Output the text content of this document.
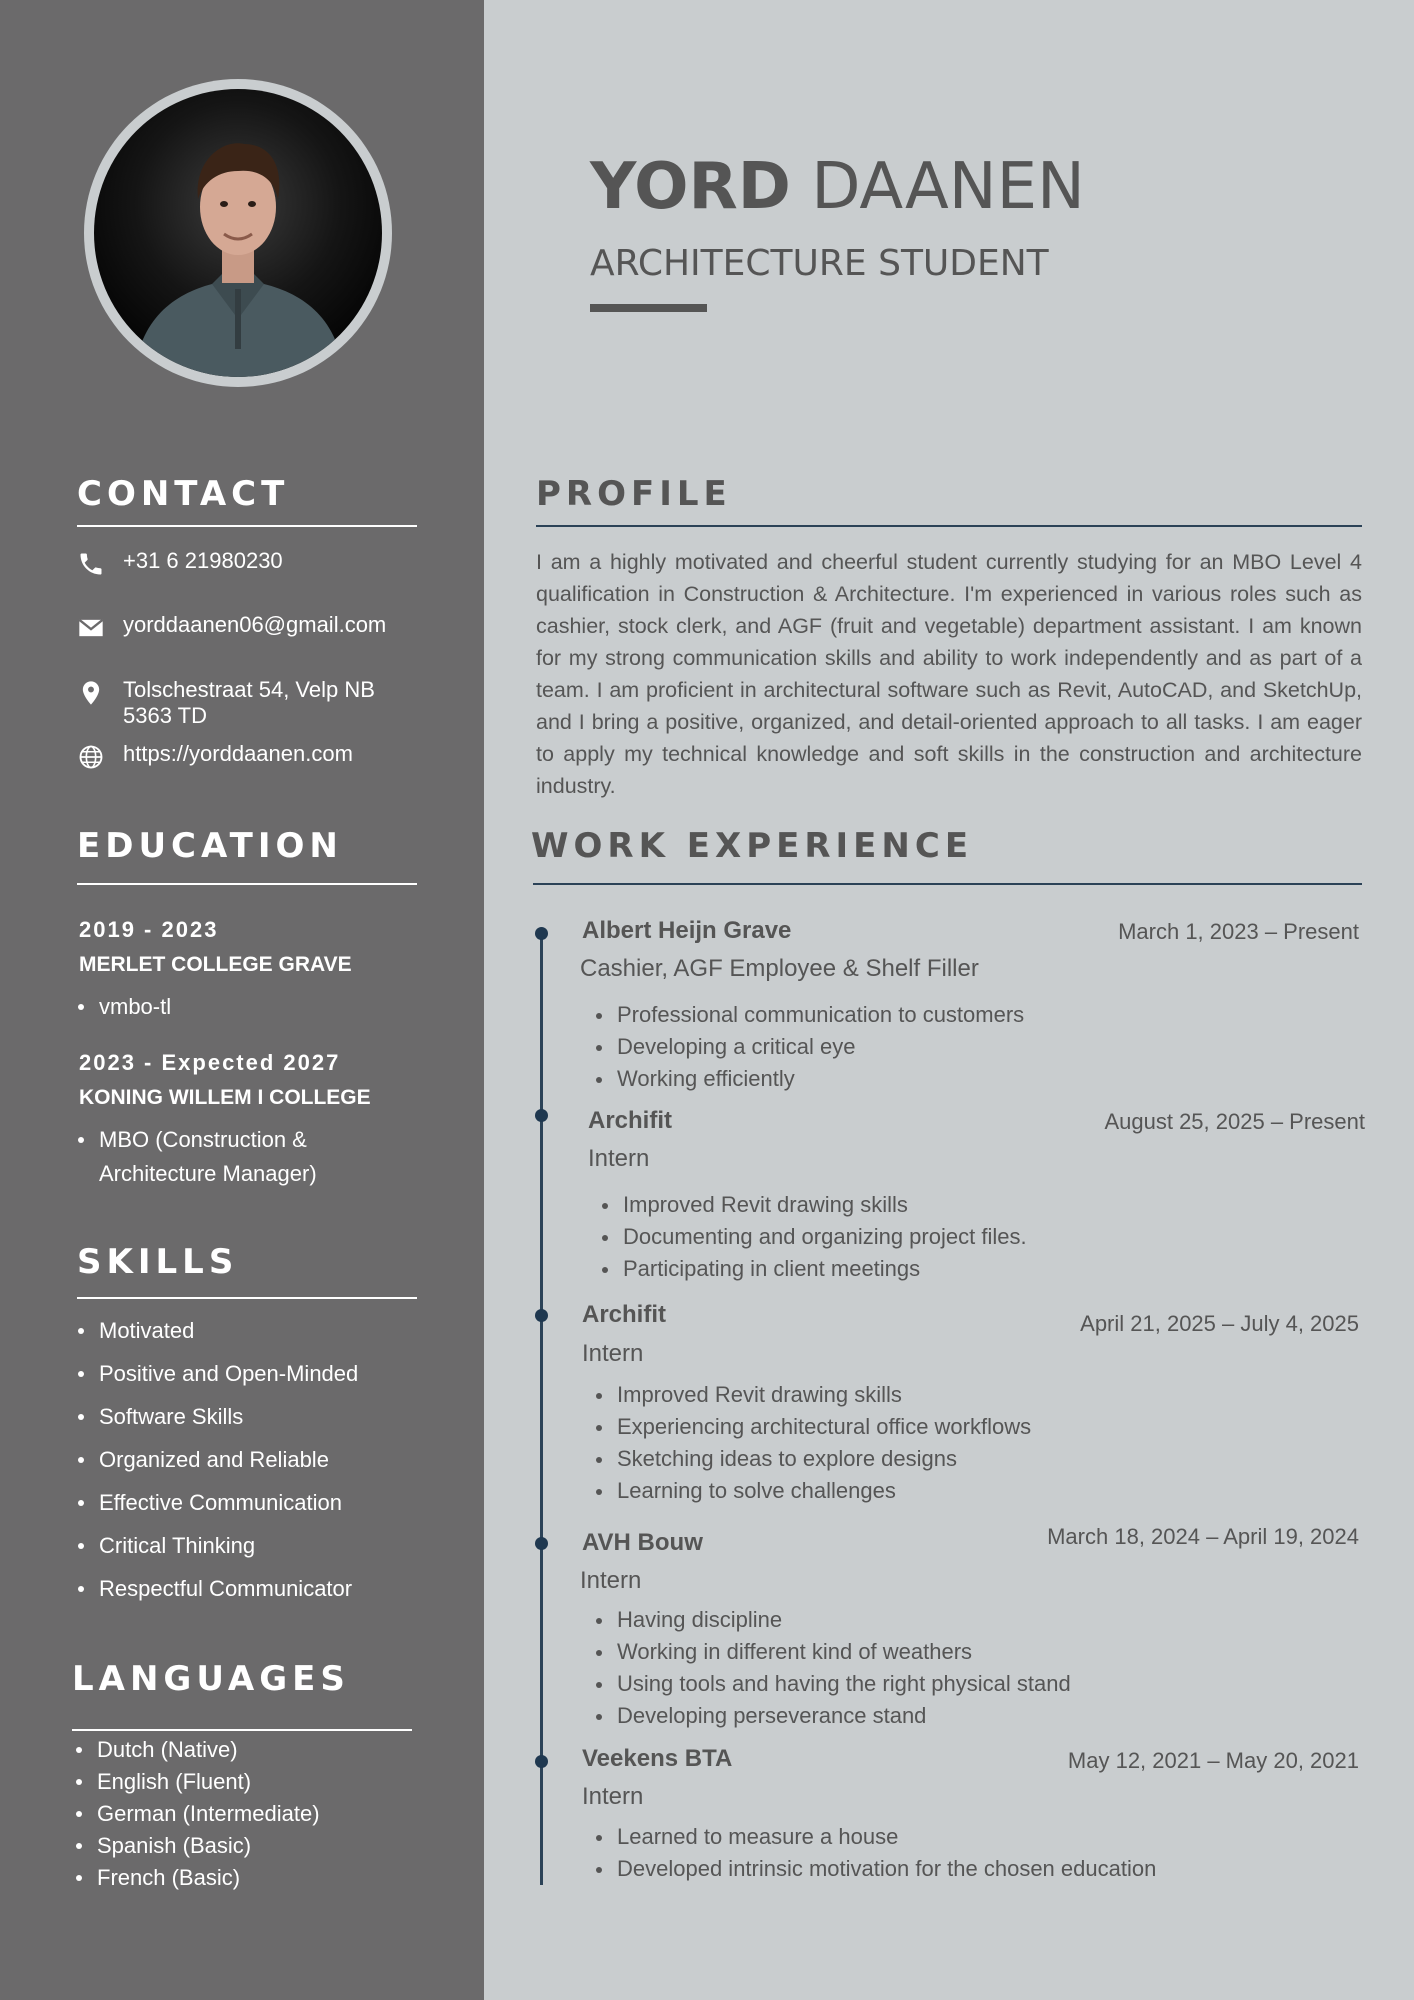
CONTACT
+31 6 21980230
yorddaanen06@gmail.com
Tolschestraat 54, Velp NB
5363 TD
https://yorddaanen.com
EDUCATION
2019 - 2023
MERLET COLLEGE GRAVE
vmbo-tl
2023 - Expected 2027
KONING WILLEM I COLLEGE
MBO (Construction &
Architecture Manager)
SKILLS
Motivated
Positive and Open-Minded
Software Skills
Organized and Reliable
Effective Communication
Critical Thinking
Respectful Communicator
LANGUAGES
Dutch (Native)
English (Fluent)
German (Intermediate)
Spanish (Basic)
French (Basic)
YORD DAANEN
ARCHITECTURE STUDENT
PROFILE
I am a highly motivated and cheerful student currently studying for an MBO Level 4 qualification in Construction & Architecture. I'm experienced in various roles such as cashier, stock clerk, and AGF (fruit and vegetable) department assistant. I am known for my strong communication skills and ability to work independently and as part of a team. I am proficient in architectural software such as Revit, AutoCAD, and SketchUp, and I bring a positive, organized, and detail-oriented approach to all tasks. I am eager to apply my technical knowledge and soft skills in the construction and architecture industry.
WORK EXPERIENCE
Albert Heijn Grave	March 1, 2023 – Present
Cashier, AGF Employee & Shelf Filler
Professional communication to customers
Developing a critical eye
Working efficiently
Archifit	August 25, 2025 – Present
Intern
Improved Revit drawing skills
Documenting and organizing project files.
Participating in client meetings
Archifit	April 21, 2025 – July 4, 2025
Intern
Improved Revit drawing skills
Experiencing architectural office workflows
Sketching ideas to explore designs
Learning to solve challenges
AVH Bouw	March 18, 2024 – April 19, 2024
Intern
Having discipline
Working in different kind of weathers
Using tools and having the right physical stand
Developing perseverance stand
Veekens BTA	May 12, 2021 – May 20, 2021
Intern
Learned to measure a house
Developed intrinsic motivation for the chosen education
